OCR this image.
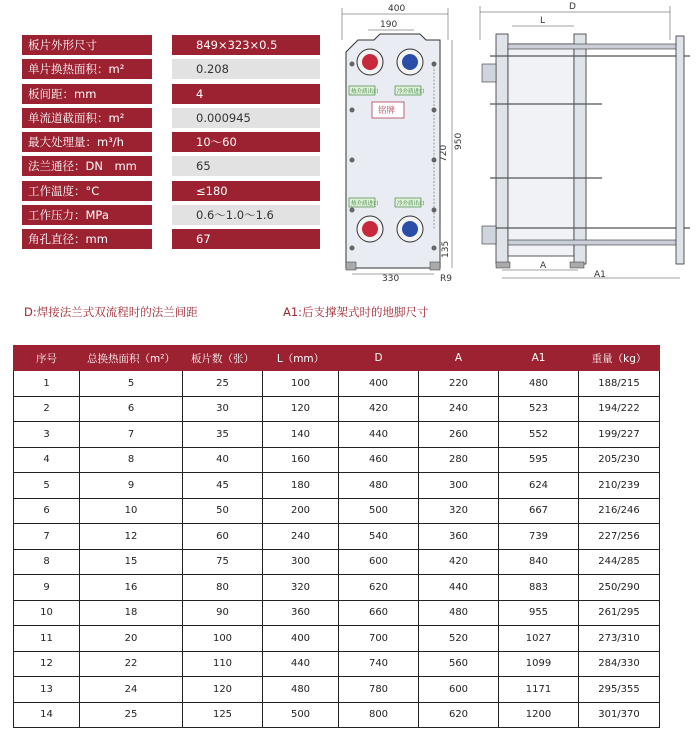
板片外形尺寸	849×323×0.5
单片换热面积：m²	0.208
板间距：mm	4
单流道截面积：m²	0.000945
最大处理量：m³/h	10～60
法兰通径：DN　mm	65
工作温度：°C	≤180
工作压力：MPa	0.6～1.0～1.6
角孔直径：mm	67
400
190
热介质出口	冷介质进口
热介质进口	冷介质出口
铭牌
950
720
135
330	R9
D
L
A
A1
D:焊接法兰式双流程时的法兰间距	A1:后支撑架式时的地脚尺寸
序号	总换热面积（m²）	板片数（张）	L（mm）	D	A	A1	重量（kg）
1	5	25	100	400	220	480	188/215
2	6	30	120	420	240	523	194/222
3	7	35	140	440	260	552	199/227
4	8	40	160	460	280	595	205/230
5	9	45	180	480	300	624	210/239
6	10	50	200	500	320	667	216/246
7	12	60	240	540	360	739	227/256
8	15	75	300	600	420	840	244/285
9	16	80	320	620	440	883	250/290
10	18	90	360	660	480	955	261/295
11	20	100	400	700	520	1027	273/310
12	22	110	440	740	560	1099	284/330
13	24	120	480	780	600	1171	295/355
14	25	125	500	800	620	1200	301/370
